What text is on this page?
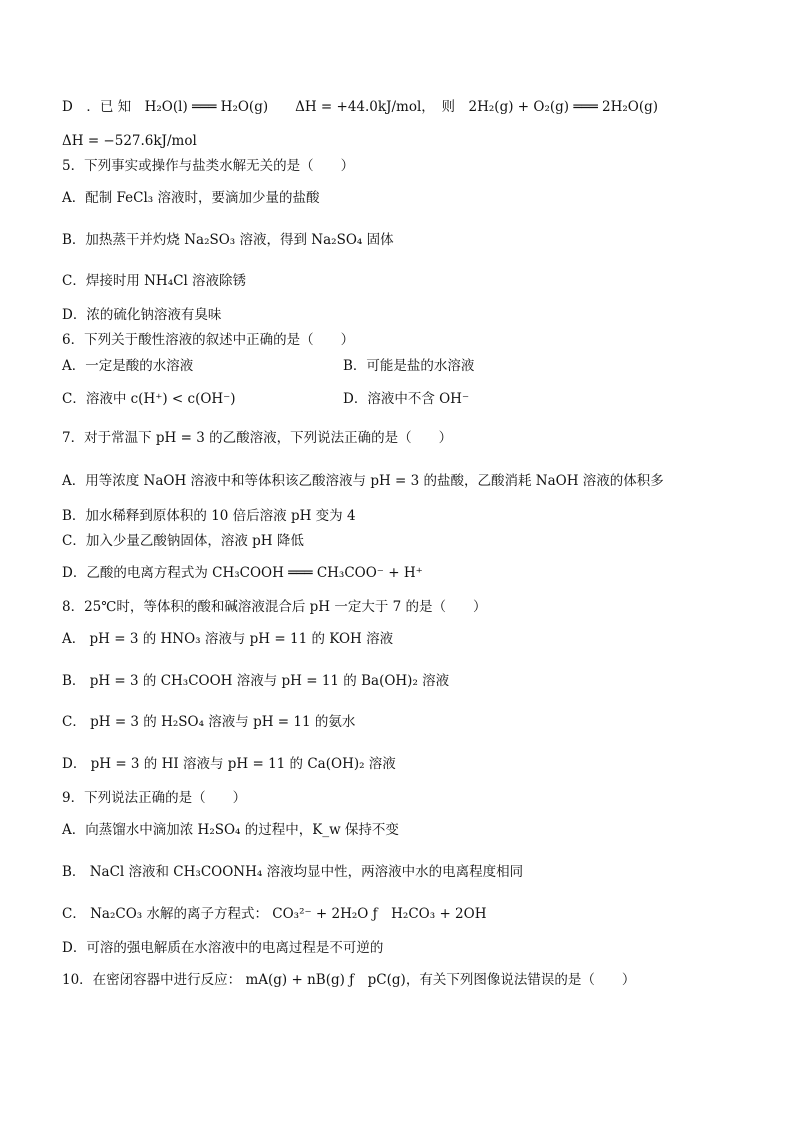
D　．已 知　H₂O(l) ═══ H₂O(g)　　ΔH = +44.0kJ/mol，　则　2H₂(g) + O₂(g) ═══ 2H₂O(g)
ΔH = −527.6kJ/mol
5．下列事实或操作与盐类水解无关的是（　　）
A．配制 FeCl₃ 溶液时，要滴加少量的盐酸
B．加热蒸干并灼烧 Na₂SO₃ 溶液，得到 Na₂SO₄ 固体
C．焊接时用 NH₄Cl 溶液除锈
D．浓的硫化钠溶液有臭味
6．下列关于酸性溶液的叙述中正确的是（　　）
A．一定是酸的水溶液	B．可能是盐的水溶液
C．溶液中 c(H⁺) < c(OH⁻)	D．溶液中不含 OH⁻
7．对于常温下 pH = 3 的乙酸溶液，下列说法正确的是（　　）
A．用等浓度 NaOH 溶液中和等体积该乙酸溶液与 pH = 3 的盐酸，乙酸消耗 NaOH 溶液的体积多
B．加水稀释到原体积的 10 倍后溶液 pH 变为 4
C．加入少量乙酸钠固体，溶液 pH 降低
D．乙酸的电离方程式为 CH₃COOH ═══ CH₃COO⁻ + H⁺
8．25℃时，等体积的酸和碱溶液混合后 pH 一定大于 7 的是（　　）
A． pH = 3 的 HNO₃ 溶液与 pH = 11 的 KOH 溶液
B． pH = 3 的 CH₃COOH 溶液与 pH = 11 的 Ba(OH)₂ 溶液
C． pH = 3 的 H₂SO₄ 溶液与 pH = 11 的氨水
D． pH = 3 的 HI 溶液与 pH = 11 的 Ca(OH)₂ 溶液
9．下列说法正确的是（　　）
A．向蒸馏水中滴加浓 H₂SO₄ 的过程中，K_w 保持不变
B． NaCl 溶液和 CH₃COONH₄ 溶液均显中性，两溶液中水的电离程度相同
C． Na₂CO₃ 水解的离子方程式： CO₃²⁻ + 2H₂O ƒ　H₂CO₃ + 2OH
D．可溶的强电解质在水溶液中的电离过程是不可逆的
10．在密闭容器中进行反应： mA(g) + nB(g) ƒ　pC(g)，有关下列图像说法错误的是（　　）
